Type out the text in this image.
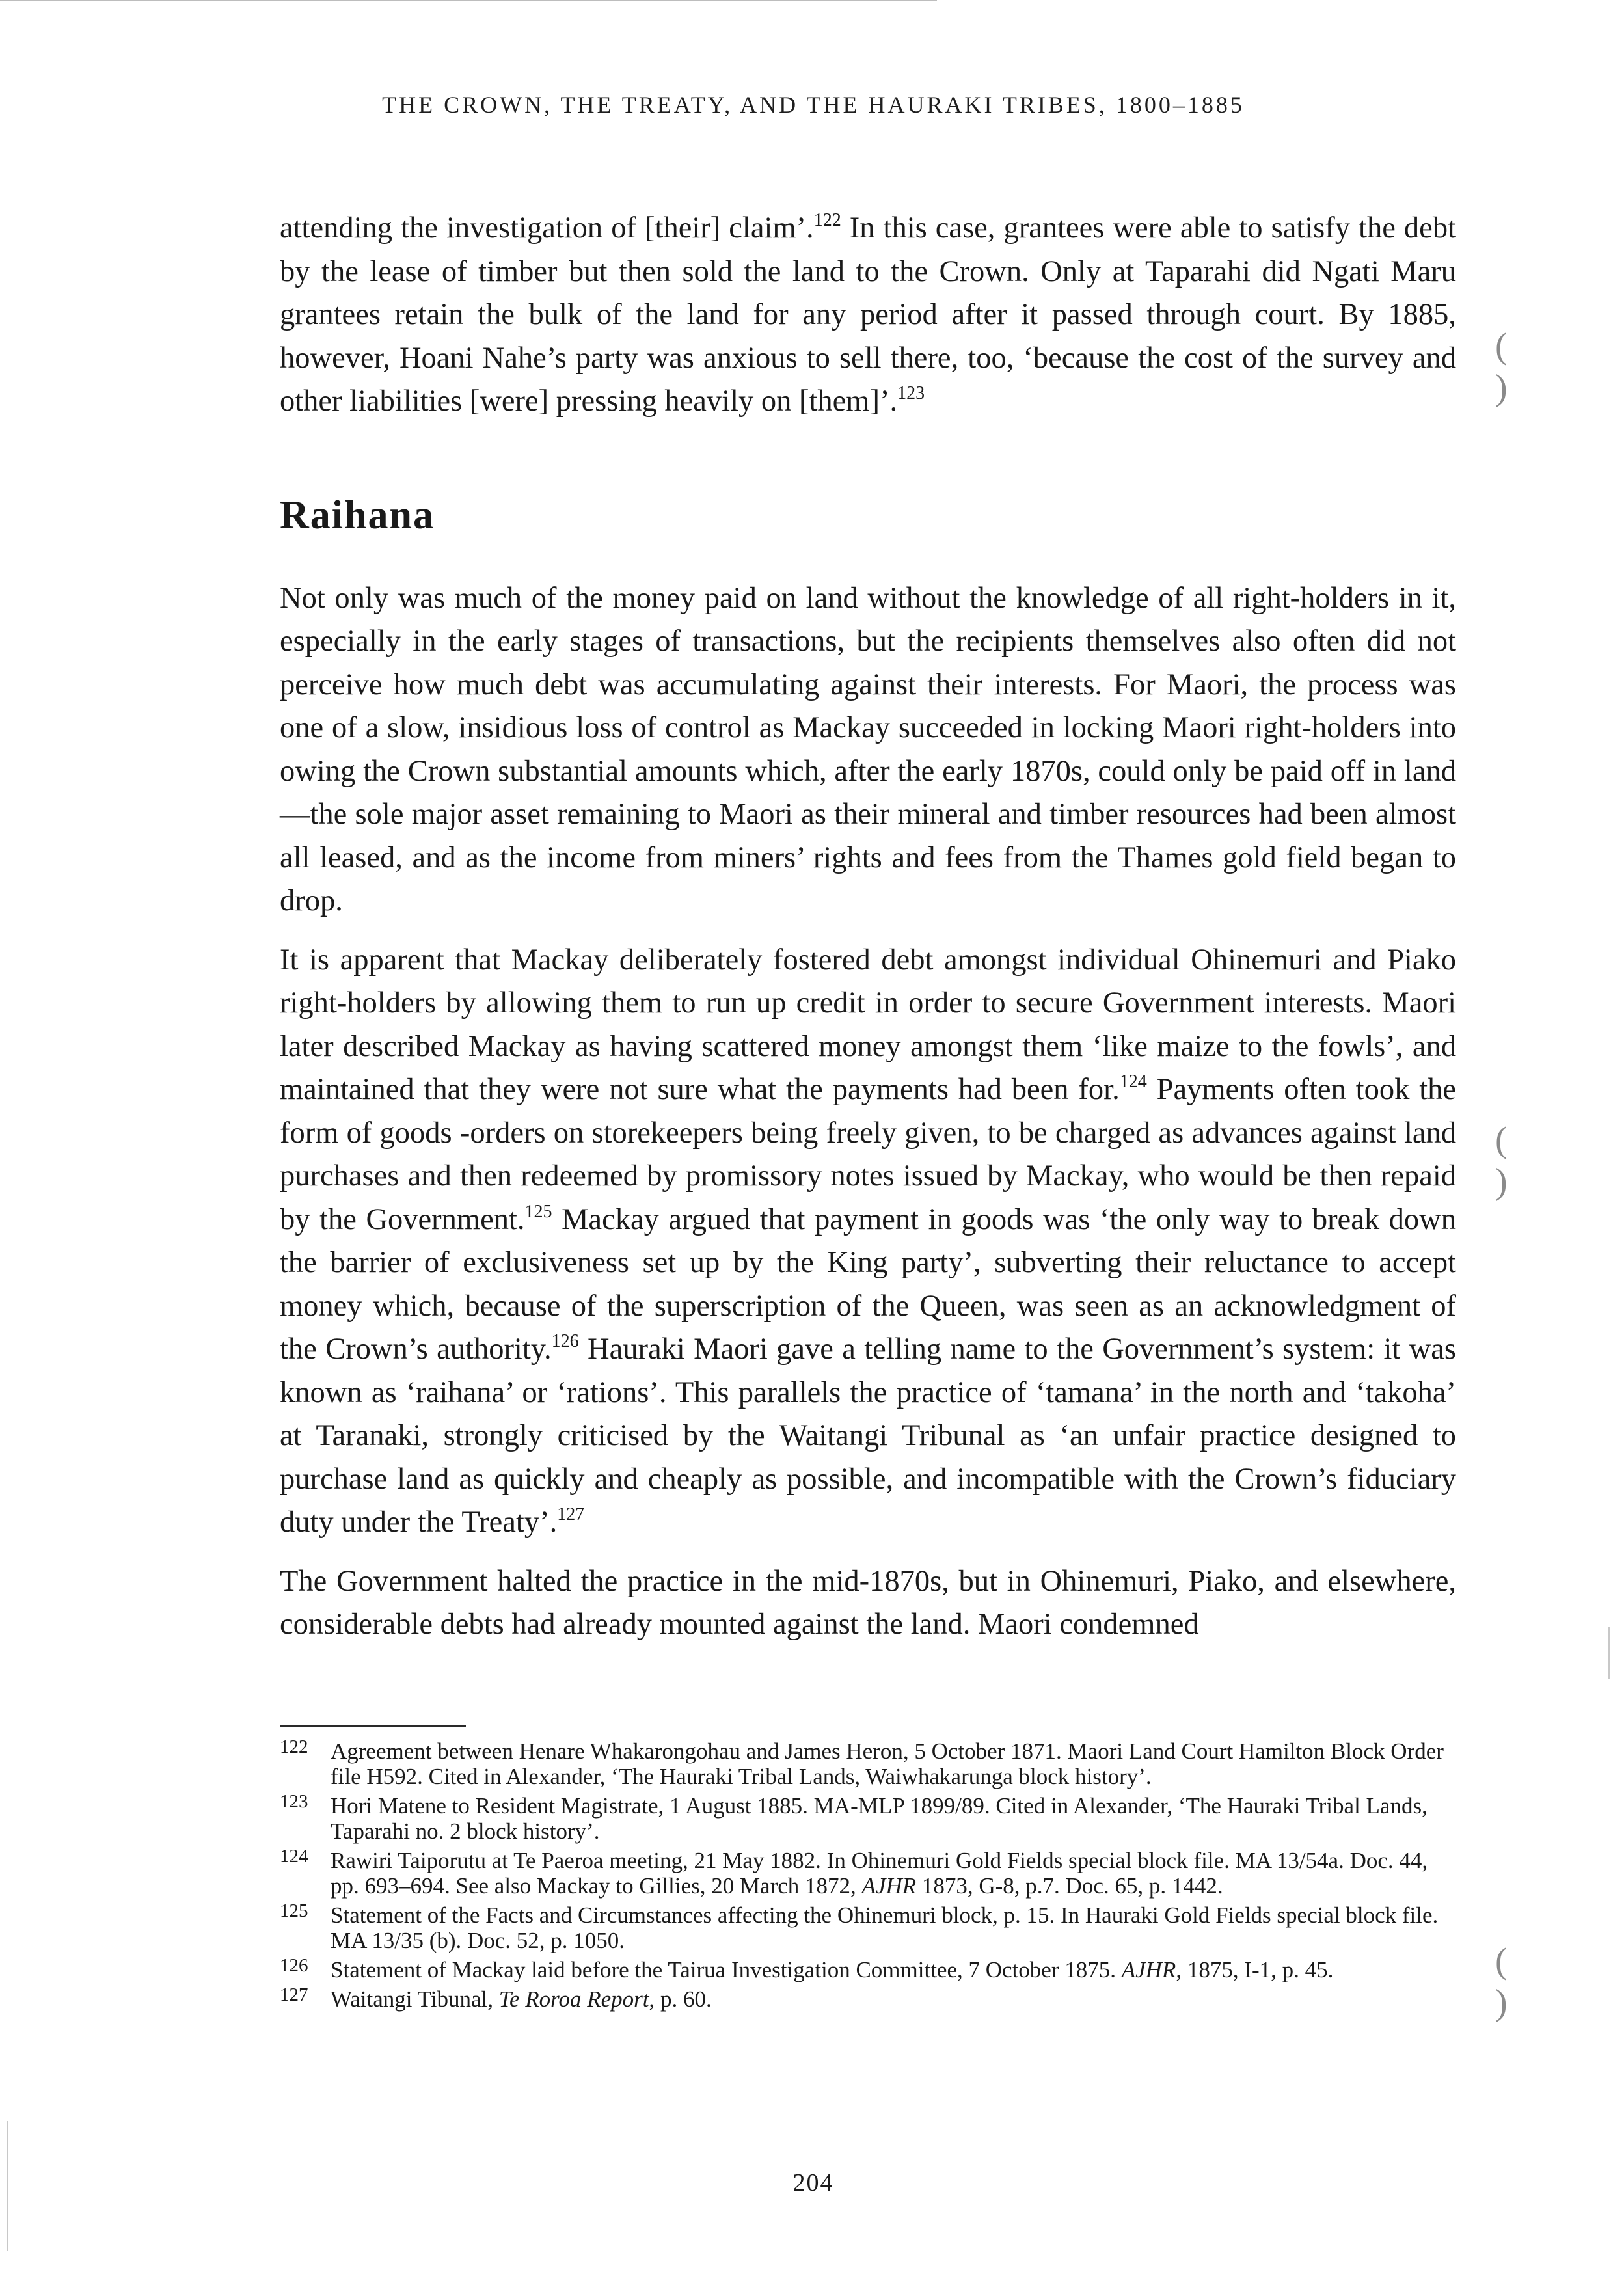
THE CROWN, THE TREATY, AND THE HAURAKI TRIBES, 1800–1885

attending the investigation of [their] claim’.$^{122}$ In this case, grantees were able to satisfy the debt by the lease of timber but then sold the land to the Crown. Only at Taparahi did Ngati Maru grantees retain the bulk of the land for any period after it passed through court. By 1885, however, Hoani Nahe’s party was anxious to sell there, too, ‘because the cost of the survey and other liabilities [were] pressing heavily on [them]’.$^{123}$

Raihana

Not only was much of the money paid on land without the knowledge of all right-holders in it, especially in the early stages of transactions, but the recipients themselves also often did not perceive how much debt was accumulating against their interests. For Maori, the process was one of a slow, insidious loss of control as Mackay succeeded in locking Maori right-holders into owing the Crown substantial amounts which, after the early 1870s, could only be paid off in land—the sole major asset remaining to Maori as their mineral and timber resources had been almost all leased, and as the income from miners’ rights and fees from the Thames gold field began to drop.

It is apparent that Mackay deliberately fostered debt amongst individual Ohinemuri and Piako right-holders by allowing them to run up credit in order to secure Government interests. Maori later described Mackay as having scattered money amongst them ‘like maize to the fowls’, and maintained that they were not sure what the payments had been for.$^{124}$ Payments often took the form of goods -orders on storekeepers being freely given, to be charged as advances against land purchases and then redeemed by promissory notes issued by Mackay, who would be then repaid by the Government.$^{125}$ Mackay argued that payment in goods was ‘the only way to break down the barrier of exclusiveness set up by the King party’, subverting their reluctance to accept money which, because of the superscription of the Queen, was seen as an acknowledgment of the Crown’s authority.$^{126}$ Hauraki Maori gave a telling name to the Government’s system: it was known as ‘raihana’ or ‘rations’. This parallels the practice of ‘tamana’ in the north and ‘takoha’ at Taranaki, strongly criticised by the Waitangi Tribunal as ‘an unfair practice designed to purchase land as quickly and cheaply as possible, and incompatible with the Crown’s fiduciary duty under the Treaty’.$^{127}$

The Government halted the practice in the mid-1870s, but in Ohinemuri, Piako, and elsewhere, considerable debts had already mounted against the land. Maori condemned

122 Agreement between Henare Whakarongohau and James Heron, 5 October 1871. Maori Land Court Hamilton Block Order file H592. Cited in Alexander, ‘The Hauraki Tribal Lands, Waiwhakarunga block history’.
123 Hori Matene to Resident Magistrate, 1 August 1885. MA-MLP 1899/89. Cited in Alexander, ‘The Hauraki Tribal Lands, Taparahi no. 2 block history’.
124 Rawiri Taiporutu at Te Paeroa meeting, 21 May 1882. In Ohinemuri Gold Fields special block file. MA 13/54a. Doc. 44, pp. 693–694. See also Mackay to Gillies, 20 March 1872, AJHR 1873, G-8, p.7. Doc. 65, p. 1442.
125 Statement of the Facts and Circumstances affecting the Ohinemuri block, p. 15. In Hauraki Gold Fields special block file. MA 13/35 (b). Doc. 52, p. 1050.
126 Statement of Mackay laid before the Tairua Investigation Committee, 7 October 1875. AJHR, 1875, I-1, p. 45.
127 Waitangi Tibunal, Te Roroa Report, p. 60.
204
( )
( )
( )
